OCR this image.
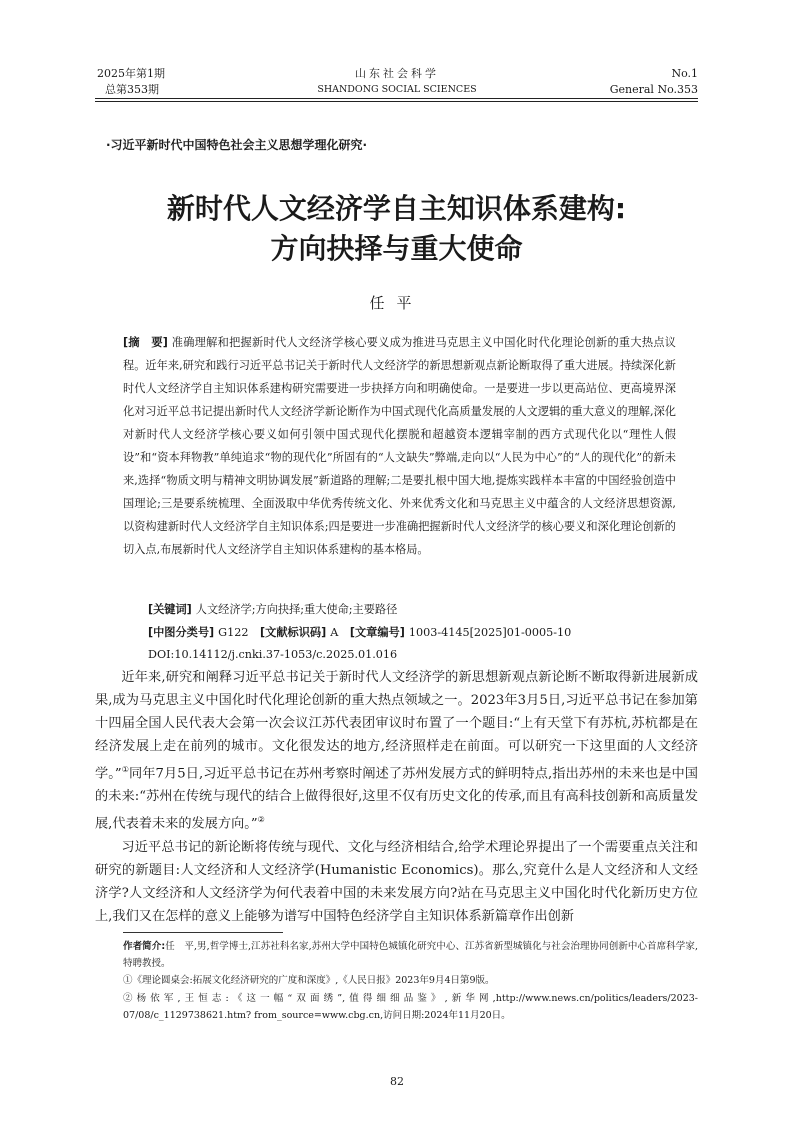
2025年第1期
总第353期
山东社会科学
SHANDONG SOCIAL SCIENCES
No.1
General No.353
·习近平新时代中国特色社会主义思想学理化研究·
新时代人文经济学自主知识体系建构:
方向抉择与重大使命
任平
[摘　要] 准确理解和把握新时代人文经济学核心要义成为推进马克思主义中国化时代化理论创新的重大热点议程。近年来,研究和践行习近平总书记关于新时代人文经济学的新思想新观点新论断取得了重大进展。持续深化新时代人文经济学自主知识体系建构研究需要进一步抉择方向和明确使命。一是要进一步以更高站位、更高境界深化对习近平总书记提出新时代人文经济学新论断作为中国式现代化高质量发展的人文逻辑的重大意义的理解,深化对新时代人文经济学核心要义如何引领中国式现代化摆脱和超越资本逻辑宰制的西方式现代化以“理性人假设”和“资本拜物教”单纯追求“物的现代化”所固有的“人文缺失”弊端,走向以“人民为中心”的“人的现代化”的新未来,选择“物质文明与精神文明协调发展”新道路的理解;二是要扎根中国大地,提炼实践样本丰富的中国经验创造中国理论;三是要系统梳理、全面汲取中华优秀传统文化、外来优秀文化和马克思主义中蕴含的人文经济思想资源,以资构建新时代人文经济学自主知识体系;四是要进一步准确把握新时代人文经济学的核心要义和深化理论创新的切入点,布展新时代人文经济学自主知识体系建构的基本格局。
[关键词] 人文经济学;方向抉择;重大使命;主要路径
[中图分类号] G122 [文献标识码] A [文章编号] 1003-4145[2025]01-0005-10
DOI:10.14112/j.cnki.37-1053/c.2025.01.016

近年来,研究和阐释习近平总书记关于新时代人文经济学的新思想新观点新论断不断取得新进展新成果,成为马克思主义中国化时代化理论创新的重大热点领域之一。2023年3月5日,习近平总书记在参加第十四届全国人民代表大会第一次会议江苏代表团审议时布置了一个题目:“上有天堂下有苏杭,苏杭都是在经济发展上走在前列的城市。文化很发达的地方,经济照样走在前面。可以研究一下这里面的人文经济学。”①同年7月5日,习近平总书记在苏州考察时阐述了苏州发展方式的鲜明特点,指出苏州的未来也是中国的未来:“苏州在传统与现代的结合上做得很好,这里不仅有历史文化的传承,而且有高科技创新和高质量发展,代表着未来的发展方向。”②

习近平总书记的新论断将传统与现代、文化与经济相结合,给学术理论界提出了一个需要重点关注和研究的新题目:人文经济和人文经济学(Humanistic Economics)。那么,究竟什么是人文经济和人文经济学?人文经济和人文经济学为何代表着中国的未来发展方向?站在马克思主义中国化时代化新历史方位上,我们又在怎样的意义上能够为谱写中国特色经济学自主知识体系新篇章作出创新

作者简介:任　平,男,哲学博士,江苏社科名家,苏州大学中国特色城镇化研究中心、江苏省新型城镇化与社会治理协同创新中心首席科学家,特聘教授。
①《理论圆桌会:拓展文化经济研究的广度和深度》,《人民日报》2023年9月4日第9版。
②杨依军,王恒志:《这一幅“双面绣”,值得细细品鉴》,新华网,http://www.news.cn/politics/leaders/2023-07/08/c_1129738621.htm? from_source=www.cbg.cn,访问日期:2024年11月20日。
82
